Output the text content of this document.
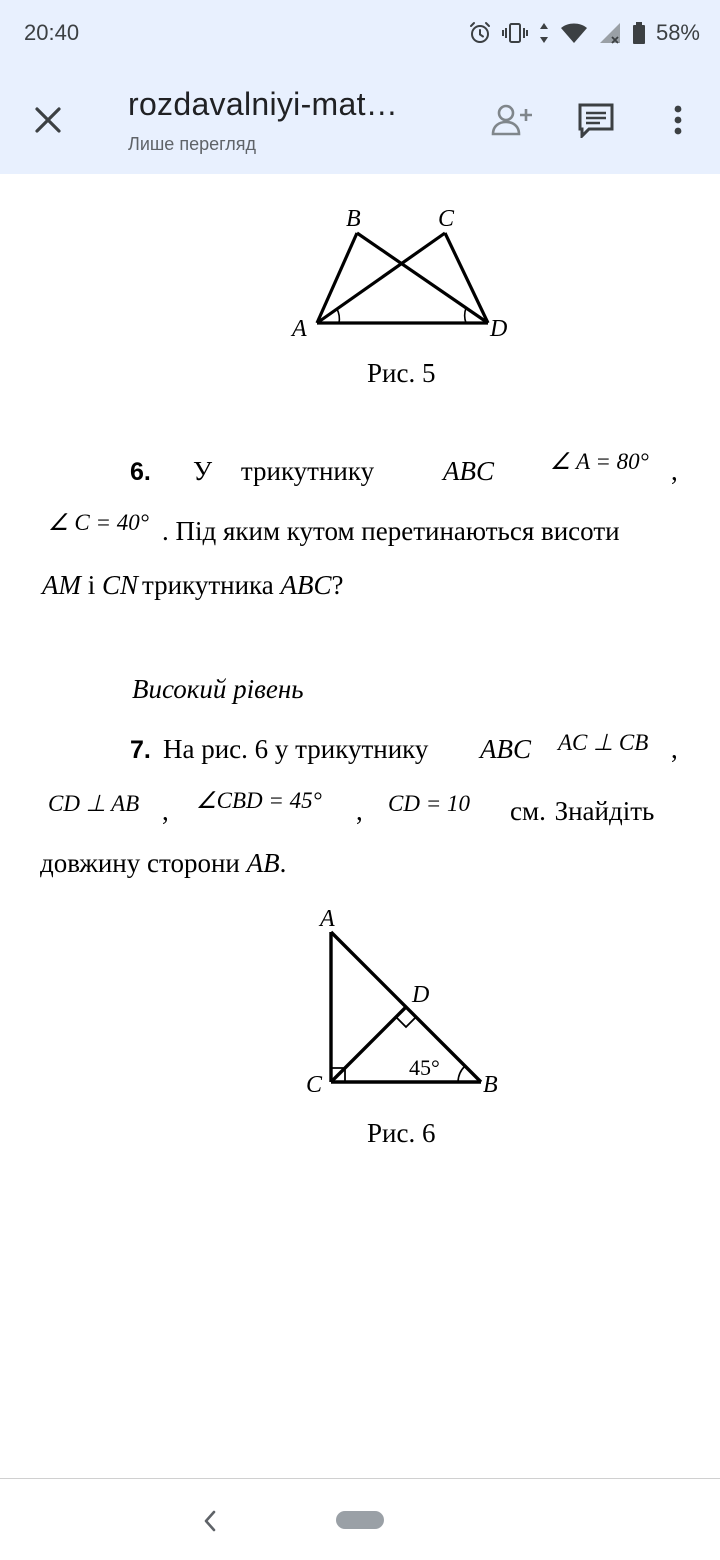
20:40	58%
rozdavalniyi-mat…
Лише перегляд
B	C
A	D
Рис. 5
6. У трикутнику	ABC ∠ A = 80° ,
∠ C = 40° . Під яким кутом перетинаються висоти
AM і CN трикутника ABC?
Високий рівень
7. На рис. 6 у трикутнику ABC AC ⊥ CB ,
CD ⊥ AB , ∠CBD = 45° , CD = 10 см. Знайдіть
довжину сторони AB.
A
D
C	B
45°
Рис. 6
